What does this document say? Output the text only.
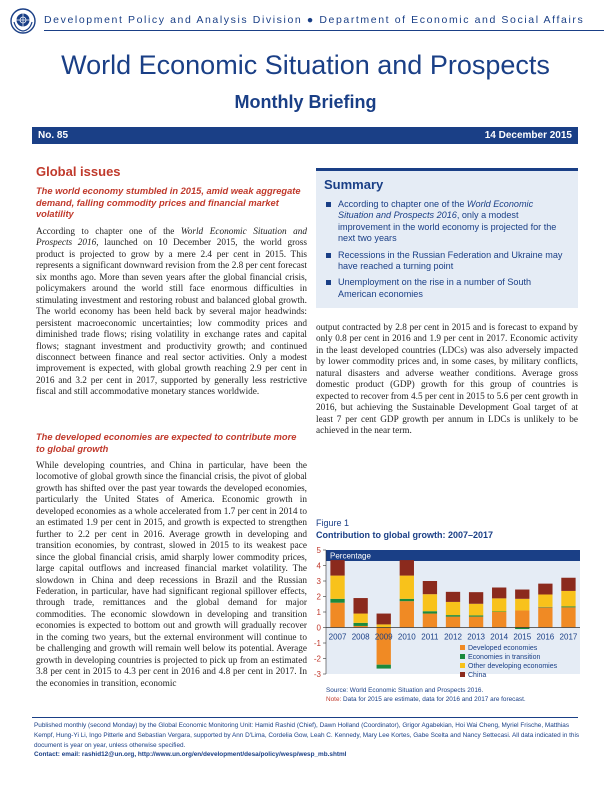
Development Policy and Analysis Division ● Department of Economic and Social Affairs
World Economic Situation and Prospects
Monthly Briefing
No. 85	14 December 2015
Global issues
The world economy stumbled in 2015, amid weak aggregate demand, falling commodity prices and financial market volatility
According to chapter one of the World Economic Situation and Prospects 2016, launched on 10 December 2015, the world gross product is projected to grow by a mere 2.4 per cent in 2015. This represents a significant downward revision from the 2.8 per cent forecast six months ago. More than seven years after the global financial crisis, policymakers around the world still face enormous difficulties in stimulating investment and restoring robust and balanced global growth. The world economy has been held back by several major headwinds: persistent macroeconomic uncertainties; low commodity prices and diminished trade flows; rising volatility in exchange rates and capital flows; stagnant investment and productivity growth; and continued disconnect between finance and real sector activities. Only a modest improvement is expected, with global growth reaching 2.9 per cent in 2016 and 3.2 per cent in 2017, supported by generally less restrictive fiscal and still accommodative monetary stances worldwide.
The developed economies are expected to contribute more to global growth
While developing countries, and China in particular, have been the locomotive of global growth since the financial crisis, the pivot of global growth has shifted over the past year towards the developed economies, particularly the United States of America. Economic growth in developed economies as a whole accelerated from 1.7 per cent in 2014 to an estimated 1.9 per cent in 2015, and growth is expected to strengthen further to 2.2 per cent in 2016. Average growth in developing and transition economies, by contrast, slowed in 2015 to its weakest pace since the global financial crisis, amid sharply lower commodity prices, large capital outflows and increased financial market volatility. The slowdown in China and deep recessions in Brazil and the Russian Federation, in particular, have had significant regional spillover effects, through trade, remittances and the global demand for major commodities. The economic slowdown in developing and transition economies is expected to bottom out and growth will gradually recover in the coming two years, but the external environment will continue to be challenging and growth will remain well below its potential. Average growth in developing countries is projected to pick up from an estimated 3.8 per cent in 2015 to 4.3 per cent in 2016 and 4.8 per cent in 2017. In the economies in transition, economic
Summary
According to chapter one of the World Economic Situation and Prospects 2016, only a modest improvement in the world economy is projected for the next two years
Recessions in the Russian Federation and Ukraine may have reached a turning point
Unemployment on the rise in a number of South American economies
output contracted by 2.8 per cent in 2015 and is forecast to expand by only 0.8 per cent in 2016 and 1.9 per cent in 2017. Economic activity in the least developed countries (LDCs) was also adversely impacted by lower commodity prices and, in some cases, by military conflicts, natural disasters and adverse weather conditions. Average gross domestic product (GDP) growth for this group of countries is expected to recover from 4.5 per cent in 2015 to 5.6 per cent growth in 2016, but achieving the Sustainable Development Goal target of at least 7 per cent GDP growth per annum in LDCs is unlikely to be achieved in the near term.
Figure 1
Contribution to global growth: 2007–2017
Percentage
-3
-2
-1
0
1
2
3
4
5
2007 2008 2009 2010 2011 2012 2013 2014 2015 2016 2017
Developed economies
Economies in transition
Other developing economies
China
Source: World Economic Situation and Prospects 2016.
Note: Data for 2015 are estimate, data for 2016 and 2017 are forecast.
Published monthly (second Monday) by the Global Economic Monitoring Unit: Hamid Rashid (Chief), Dawn Holland (Coordinator), Grigor Agabekian, Hoi Wai Cheng, Myriel Frische, Matthias Kempf, Hung-Yi Li, Ingo Pitterle and Sebastian Vergara, supported by Ann D'Lima, Cordelia Gow, Leah C. Kennedy, Mary Lee Kortes, Gabe Scelta and Nancy Settecasi. All data indicated in this document is year on year, unless otherwise specified.
Contact: email: rashid12@un.org, http://www.un.org/en/development/desa/policy/wesp/wesp_mb.shtml
